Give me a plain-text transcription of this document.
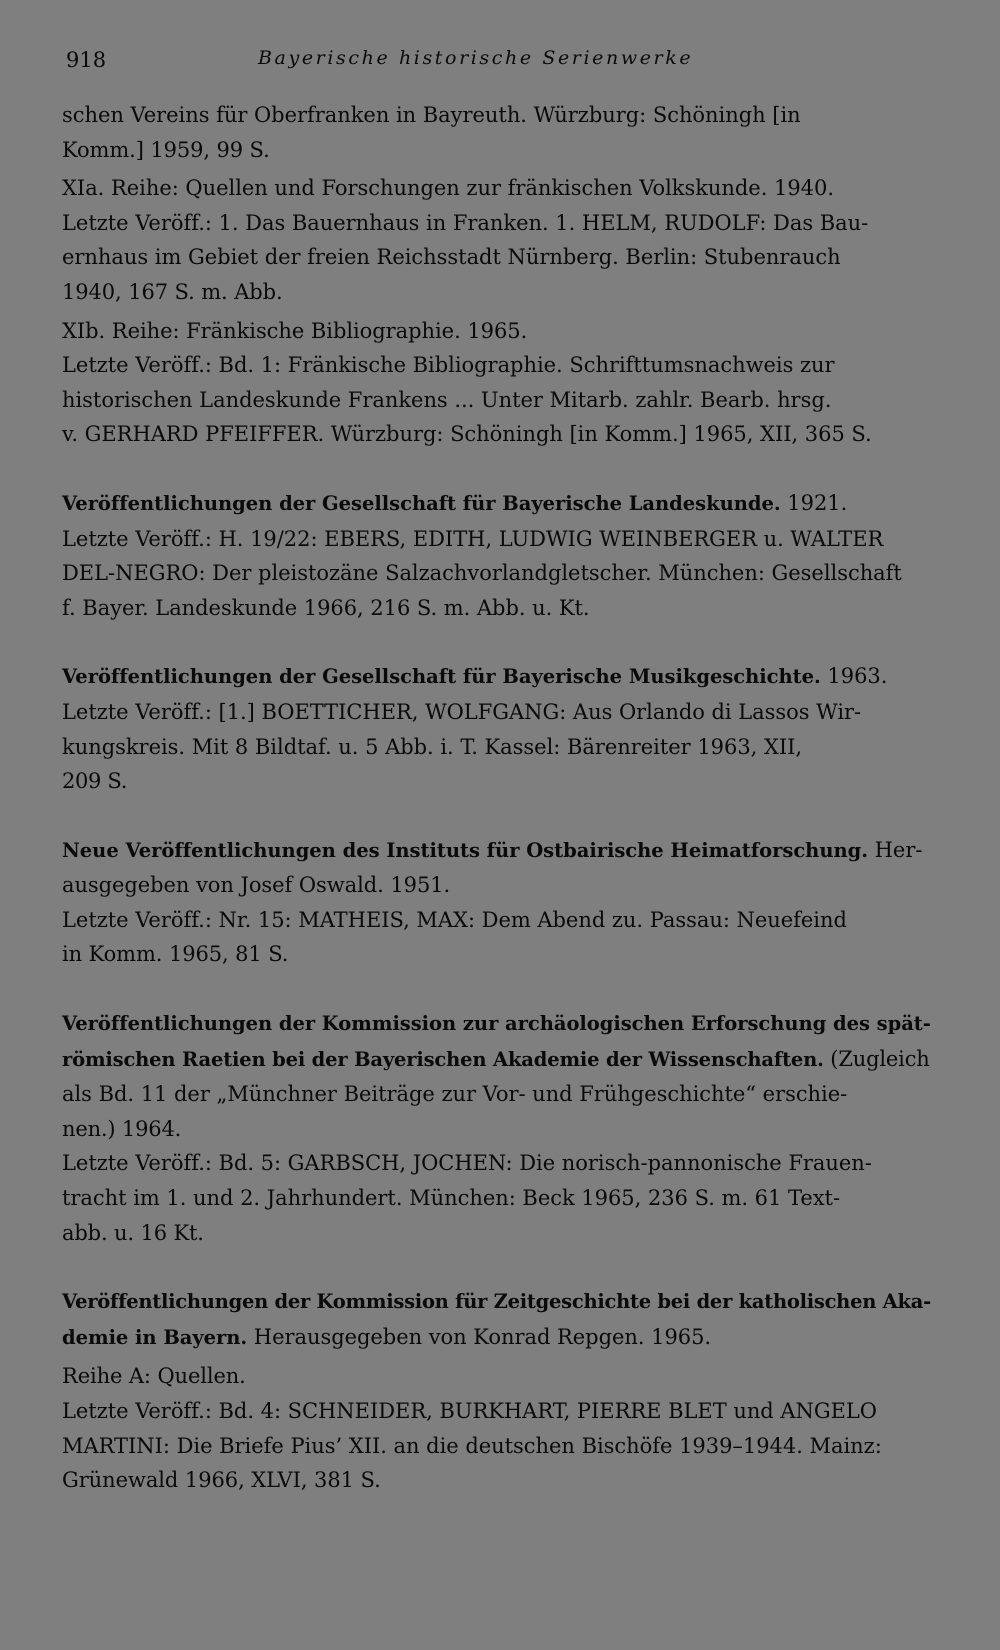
918	Bayerische historische Serienwerke
schen Vereins für Oberfranken in Bayreuth. Würzburg: Schöningh [in
Komm.] 1959, 99 S.
XIa. Reihe: Quellen und Forschungen zur fränkischen Volkskunde. 1940.
Letzte Veröff.: 1. Das Bauernhaus in Franken. 1. HELM, RUDOLF: Das Bau-
ernhaus im Gebiet der freien Reichsstadt Nürnberg. Berlin: Stubenrauch
1940, 167 S. m. Abb.
XIb. Reihe: Fränkische Bibliographie. 1965.
Letzte Veröff.: Bd. 1: Fränkische Bibliographie. Schrifttumsnachweis zur
historischen Landeskunde Frankens ... Unter Mitarb. zahlr. Bearb. hrsg.
v. GERHARD PFEIFFER. Würzburg: Schöningh [in Komm.] 1965, XII, 365 S.
Veröffentlichungen der Gesellschaft für Bayerische Landeskunde. 1921.
Letzte Veröff.: H. 19/22: EBERS, EDITH, LUDWIG WEINBERGER u. WALTER
DEL-NEGRO: Der pleistozäne Salzachvorlandgletscher. München: Gesellschaft
f. Bayer. Landeskunde 1966, 216 S. m. Abb. u. Kt.
Veröffentlichungen der Gesellschaft für Bayerische Musikgeschichte. 1963.
Letzte Veröff.: [1.] BOETTICHER, WOLFGANG: Aus Orlando di Lassos Wir-
kungskreis. Mit 8 Bildtaf. u. 5 Abb. i. T. Kassel: Bärenreiter 1963, XII,
209 S.
Neue Veröffentlichungen des Instituts für Ostbairische Heimatforschung. Her-
ausgegeben von Josef Oswald. 1951.
Letzte Veröff.: Nr. 15: MATHEIS, MAX: Dem Abend zu. Passau: Neuefeind
in Komm. 1965, 81 S.
Veröffentlichungen der Kommission zur archäologischen Erforschung des spät-
römischen Raetien bei der Bayerischen Akademie der Wissenschaften. (Zugleich
als Bd. 11 der „Münchner Beiträge zur Vor- und Frühgeschichte“ erschie-
nen.) 1964.
Letzte Veröff.: Bd. 5: GARBSCH, JOCHEN: Die norisch-pannonische Frauen-
tracht im 1. und 2. Jahrhundert. München: Beck 1965, 236 S. m. 61 Text-
abb. u. 16 Kt.
Veröffentlichungen der Kommission für Zeitgeschichte bei der katholischen Aka-
demie in Bayern. Herausgegeben von Konrad Repgen. 1965.
Reihe A: Quellen.
Letzte Veröff.: Bd. 4: SCHNEIDER, BURKHART, PIERRE BLET und ANGELO
MARTINI: Die Briefe Pius’ XII. an die deutschen Bischöfe 1939–1944. Mainz:
Grünewald 1966, XLVI, 381 S.
